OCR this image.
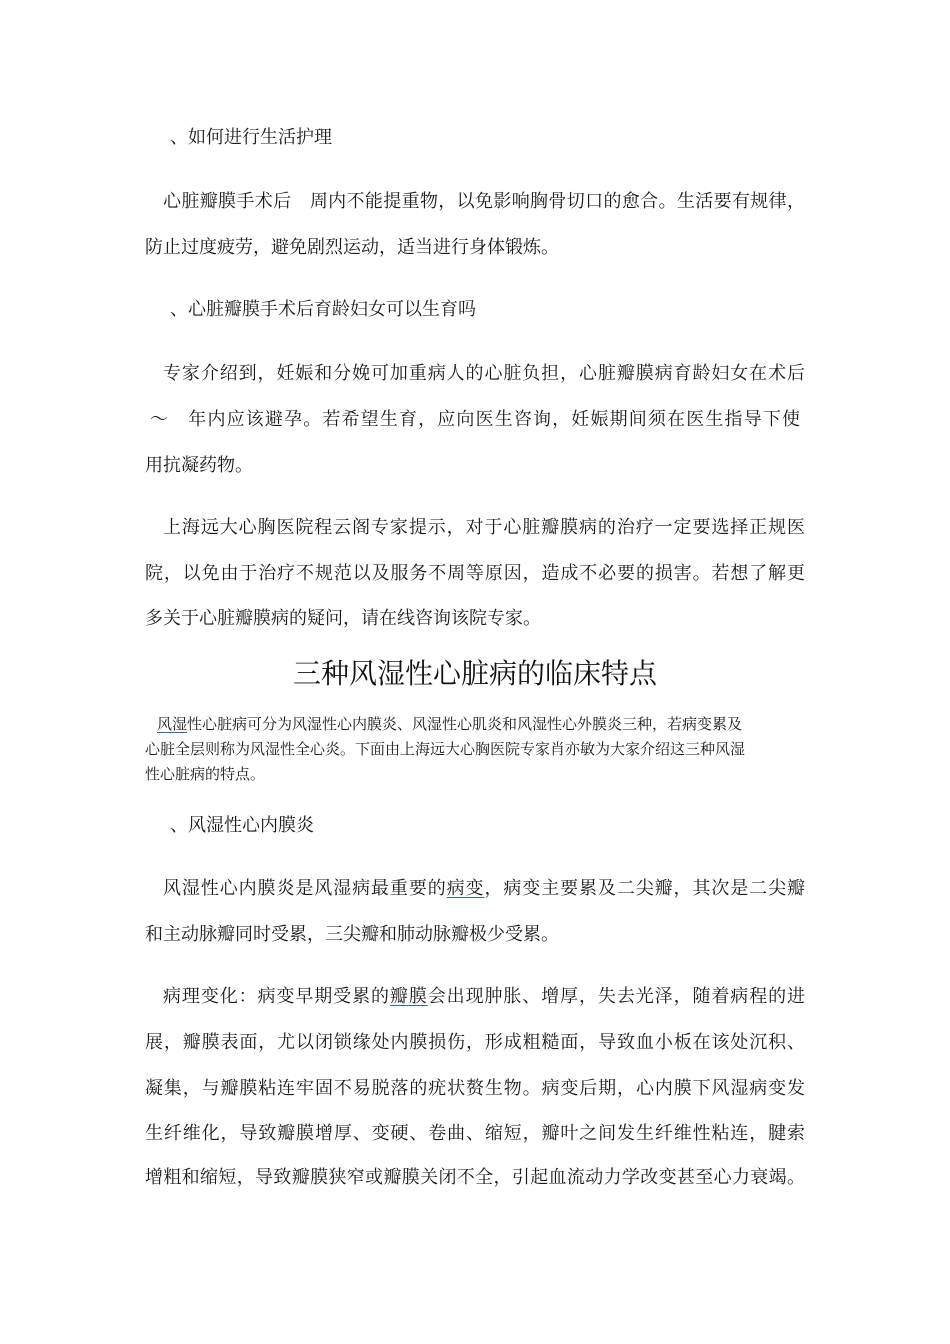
、如何进行生活护理
心脏瓣膜手术后　周内不能提重物，以免影响胸骨切口的愈合。生活要有规律，
防止过度疲劳，避免剧烈运动，适当进行身体锻炼。
、心脏瓣膜手术后育龄妇女可以生育吗
专家介绍到，妊娠和分娩可加重病人的心脏负担，心脏瓣膜病育龄妇女在术后
～　年内应该避孕。若希望生育，应向医生咨询，妊娠期间须在医生指导下使
用抗凝药物。
上海远大心胸医院程云阁专家提示，对于心脏瓣膜病的治疗一定要选择正规医
院，以免由于治疗不规范以及服务不周等原因，造成不必要的损害。若想了解更
多关于心脏瓣膜病的疑问，请在线咨询该院专家。
三种风湿性心脏病的临床特点
风湿性心脏病可分为风湿性心内膜炎、风湿性心肌炎和风湿性心外膜炎三种，若病变累及
心脏全层则称为风湿性全心炎。下面由上海远大心胸医院专家肖亦敏为大家介绍这三种风湿
性心脏病的特点。
、风湿性心内膜炎
风湿性心内膜炎是风湿病最重要的病变，病变主要累及二尖瓣，其次是二尖瓣
和主动脉瓣同时受累，三尖瓣和肺动脉瓣极少受累。
病理变化：病变早期受累的瓣膜会出现肿胀、增厚，失去光泽，随着病程的进
展，瓣膜表面，尤以闭锁缘处内膜损伤，形成粗糙面，导致血小板在该处沉积、
凝集，与瓣膜粘连牢固不易脱落的疣状赘生物。病变后期，心内膜下风湿病变发
生纤维化，导致瓣膜增厚、变硬、卷曲、缩短，瓣叶之间发生纤维性粘连，腱索
增粗和缩短，导致瓣膜狭窄或瓣膜关闭不全，引起血流动力学改变甚至心力衰竭。
